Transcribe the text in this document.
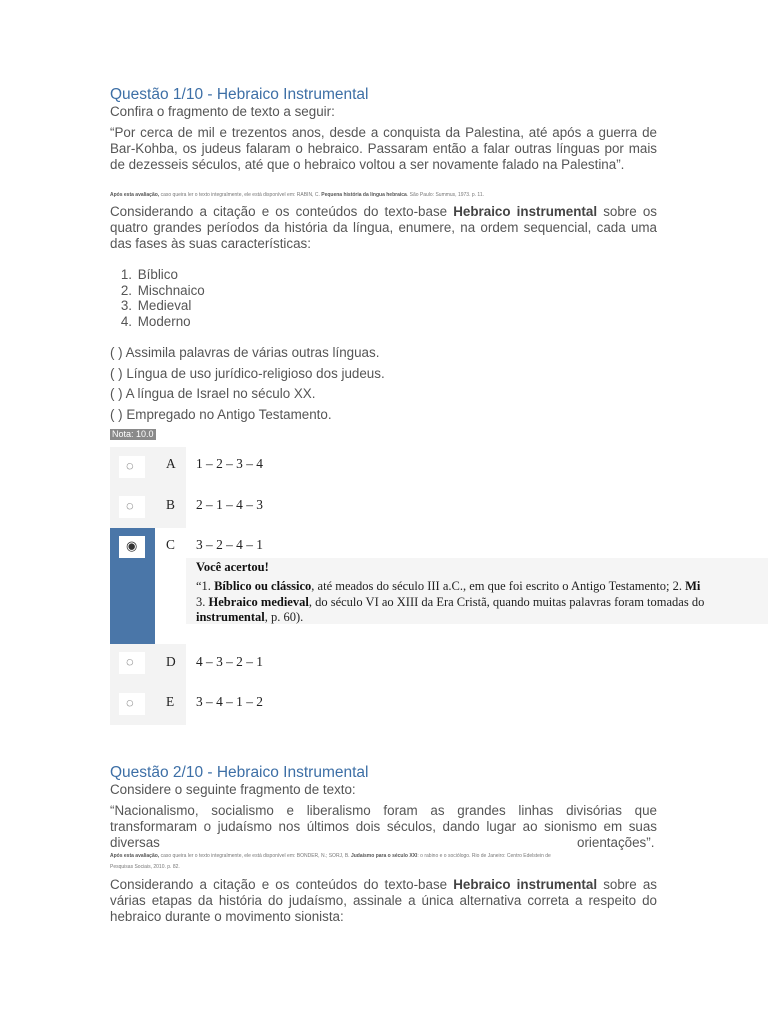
Questão 1/10 - Hebraico Instrumental
Confira o fragmento de texto a seguir:
“Por cerca de mil e trezentos anos, desde a conquista da Palestina, até após a guerra de Bar-Kohba, os judeus falaram o hebraico. Passaram então a falar outras línguas por mais de dezesseis séculos, até que o hebraico voltou a ser novamente falado na Palestina”.
Após esta avaliação, caso queira ler o texto integralmente, ele está disponível em: RABIN, C. Pequena história da língua hebraica. São Paulo: Summus, 1973. p. 11.
Considerando a citação e os conteúdos do texto-base Hebraico instrumental sobre os quatro grandes períodos da história da língua, enumere, na ordem sequencial, cada uma das fases às suas características:
1. Bíblico
2. Mischnaico
3. Medieval
4. Moderno
( ) Assimila palavras de várias outras línguas.
( ) Língua de uso jurídico-religioso dos judeus.
( ) A língua de Israel no século XX.
( ) Empregado no Antigo Testamento.
Nota: 10.0
◌ A 1 – 2 – 3 – 4
◌ B 2 – 1 – 4 – 3
◉ C 3 – 2 – 4 – 1
Você acertou!
“1. Bíblico ou clássico, até meados do século III a.C., em que foi escrito o Antigo Testamento; 2. Mi
3. Hebraico medieval, do século VI ao XIII da Era Cristã, quando muitas palavras foram tomadas do
instrumental, p. 60).
◌ D 4 – 3 – 2 – 1
◌ E 3 – 4 – 1 – 2
Questão 2/10 - Hebraico Instrumental
Considere o seguinte fragmento de texto:
“Nacionalismo, socialismo e liberalismo foram as grandes linhas divisórias que transformaram o judaísmo nos últimos dois séculos, dando lugar ao sionismo em suas diversas	orientações”.
Após esta avaliação, caso queira ler o texto integralmente, ele está disponível em: BONDER, N.; SORJ, B. Judaísmo para o século XXI: o rabino e o sociólogo. Rio de Janeiro: Centro Edelstein de
Pesquisas Sociais, 2010. p. 82.
Considerando a citação e os conteúdos do texto-base Hebraico instrumental sobre as várias etapas da história do judaísmo, assinale a única alternativa correta a respeito do hebraico durante o movimento sionista:
